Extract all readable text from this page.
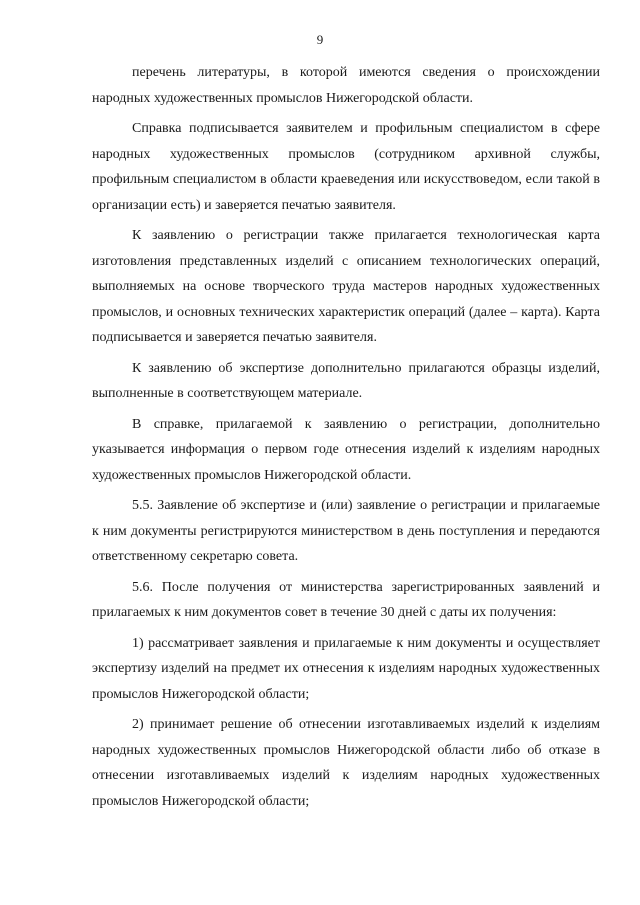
9

перечень литературы, в которой имеются сведения о происхождении народных художественных промыслов Нижегородской области.

Справка подписывается заявителем и профильным специалистом в сфере народных художественных промыслов (сотрудником архивной службы, профильным специалистом в области краеведения или искусствоведом, если такой в организации есть) и заверяется печатью заявителя.

К заявлению о регистрации также прилагается технологическая карта изготовления представленных изделий с описанием технологических операций, выполняемых на основе творческого труда мастеров народных художественных промыслов, и основных технических характеристик операций (далее – карта). Карта подписывается и заверяется печатью заявителя.

К заявлению об экспертизе дополнительно прилагаются образцы изделий, выполненные в соответствующем материале.

В справке, прилагаемой к заявлению о регистрации, дополнительно указывается информация о первом годе отнесения изделий к изделиям народных художественных промыслов Нижегородской области.

5.5. Заявление об экспертизе и (или) заявление о регистрации и прилагаемые к ним документы регистрируются министерством в день поступления и передаются ответственному секретарю совета.

5.6. После получения от министерства зарегистрированных заявлений и прилагаемых к ним документов совет в течение 30 дней с даты их получения:

1) рассматривает заявления и прилагаемые к ним документы и осуществляет экспертизу изделий на предмет их отнесения к изделиям народных художественных промыслов Нижегородской области;

2) принимает решение об отнесении изготавливаемых изделий к изделиям народных художественных промыслов Нижегородской области либо об отказе в отнесении изготавливаемых изделий к изделиям народных художественных промыслов Нижегородской области;
